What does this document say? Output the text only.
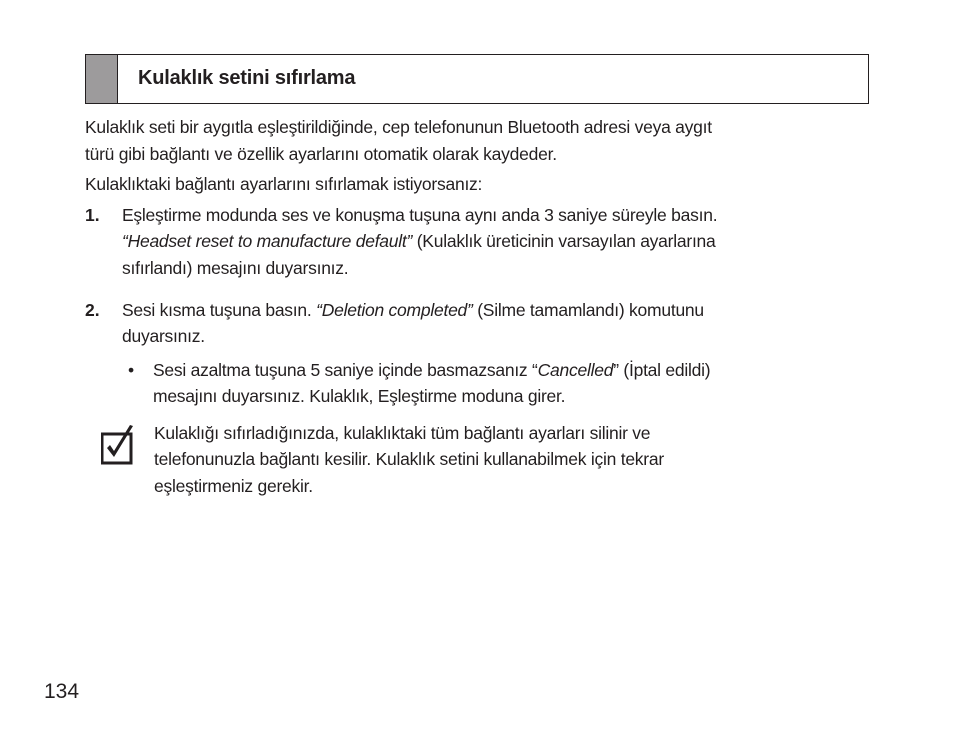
Kulaklık setini sıfırlama
Kulaklık seti bir aygıtla eşleştirildiğinde, cep telefonunun Bluetooth adresi veya aygıt
türü gibi bağlantı ve özellik ayarlarını otomatik olarak kaydeder.
Kulaklıktaki bağlantı ayarlarını sıfırlamak istiyorsanız:
1. Eşleştirme modunda ses ve konuşma tuşuna aynı anda 3 saniye süreyle basın.
“Headset reset to manufacture default” (Kulaklık üreticinin varsayılan ayarlarına
sıfırlandı) mesajını duyarsınız.
2. Sesi kısma tuşuna basın. “Deletion completed” (Silme tamamlandı) komutunu
duyarsınız.
• Sesi azaltma tuşuna 5 saniye içinde basmazsanız “Cancelled” (İptal edildi)
mesajını duyarsınız. Kulaklık, Eşleştirme moduna girer.
Kulaklığı sıfırladığınızda, kulaklıktaki tüm bağlantı ayarları silinir ve
telefonunuzla bağlantı kesilir. Kulaklık setini kullanabilmek için tekrar
eşleştirmeniz gerekir.
134
